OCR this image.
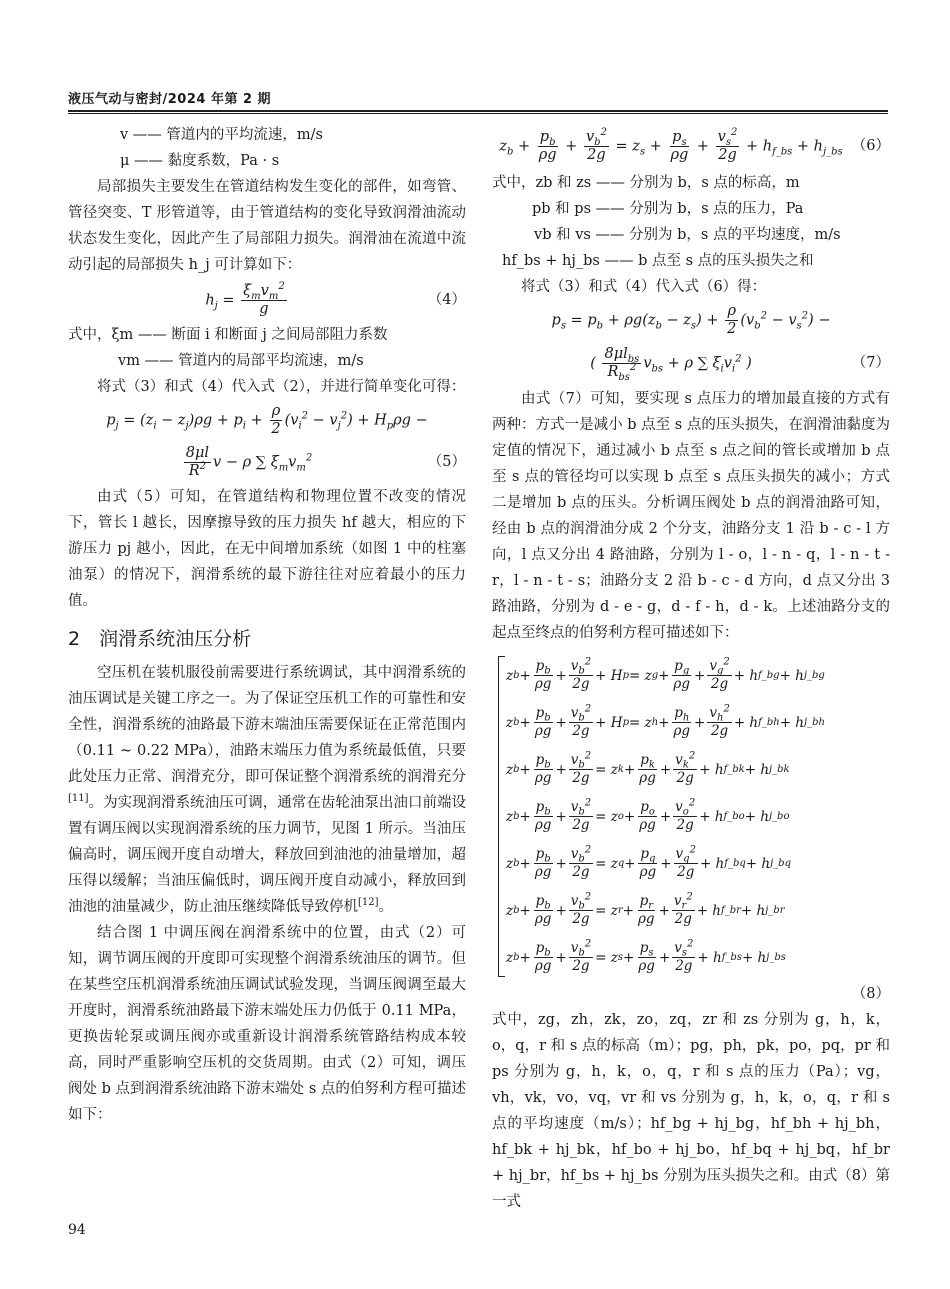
液压气动与密封/2024 年第 2 期

v —— 管道内的平均流速，m/s

μ —— 黏度系数，Pa · s

局部损失主要发生在管道结构发生变化的部件，如弯管、管径突变、T 形管道等，由于管道结构的变化导致润滑油流动状态发生变化，因此产生了局部阻力损失。润滑油在流道中流动引起的局部损失 h_j 可计算如下：

$h_j = \frac{\xi_mv_m^2}{g}$	（4）

式中，ξm —— 断面 i 和断面 j 之间局部阻力系数

vm —— 管道内的局部平均流速，m/s

将式（3）和式（4）代入式（2），并进行简单变化可得：

$p_j = (z_i - z_j)\rho g + p_i + \frac{\rho}{2} (v_i^2 - v_j^2) + H_p\rho g$ −
$\frac{8\mu l}{R^2}$ v − ρ ∑ $\xi_mv_m^2$	（5）

由式（5）可知，在管道结构和物理位置不改变的情况下，管长 l 越长，因摩擦导致的压力损失 hf 越大，相应的下游压力 pj 越小，因此，在无中间增加系统（如图 1 中的柱塞油泵）的情况下，润滑系统的最下游往往对应着最小的压力值。

2　润滑系统油压分析

空压机在装机服役前需要进行系统调试，其中润滑系统的油压调试是关键工序之一。为了保证空压机工作的可靠性和安全性，润滑系统的油路最下游末端油压需要保证在正常范围内（0.11 ~ 0.22 MPa），油路末端压力值为系统最低值，只要此处压力正常、润滑充分，即可保证整个润滑系统的润滑充分[11]。为实现润滑系统油压可调，通常在齿轮油泵出油口前端设置有调压阀以实现润滑系统的压力调节，见图 1 所示。当油压偏高时，调压阀开度自动增大，释放回到油池的油量增加，超压得以缓解；当油压偏低时，调压阀开度自动减小，释放回到油池的油量减少，防止油压继续降低导致停机[12]。

结合图 1 中调压阀在润滑系统中的位置，由式（2）可知，调节调压阀的开度即可实现整个润滑系统油压的调节。但在某些空压机润滑系统油压调试试验发现，当调压阀调至最大开度时，润滑系统油路最下游末端处压力仍低于 0.11 MPa，更换齿轮泵或调压阀亦或重新设计润滑系统管路结构成本较高，同时严重影响空压机的交货周期。由式（2）可知，调压阀处 b 点到润滑系统油路下游末端处 s 点的伯努利方程可描述如下：

$z_b + \frac{p_b}{\rho g} + \frac{v_b^2}{2g} = z_s + \frac{p_s}{\rho g} + \frac{v_s^2}{2g} + h_{f\_bs} + h_{j\_bs}$ （6）

式中，zb 和 zs —— 分别为 b，s 点的标高，m

pb 和 ps —— 分别为 b，s 点的压力，Pa

vb 和 vs —— 分别为 b，s 点的平均速度，m/s

hf_bs + hj_bs —— b 点至 s 点的压头损失之和

将式（3）和式（4）代入式（6）得：

$p_s = p_b + \rho g(z_b - z_s) + \frac{\rho}{2} (v_b^2 - v_s^2)$ −
( $\frac{8\mu l_{bs}}{R_{bs}^2} v_{bs} + \rho$ ∑ $\xi_iv_i^2$ )	（7）

由式（7）可知，要实现 s 点压力的增加最直接的方式有两种：方式一是减小 b 点至 s 点的压头损失，在润滑油黏度为定值的情况下，通过减小 b 点至 s 点之间的管长或增加 b 点至 s 点的管径均可以实现 b 点至 s 点压头损失的减小；方式二是增加 b 点的压头。分析调压阀处 b 点的润滑油路可知，经由 b 点的润滑油分成 2 个分支，油路分支 1 沿 b - c - l 方向，l 点又分出 4 路油路，分别为 l - o，l - n - q，l - n - t - r，l - n - t - s；油路分支 2 沿 b - c - d 方向，d 点又分出 3 路油路，分别为 d - e - g，d - f - h，d - k。上述油路分支的起点至终点的伯努利方程可描述如下：

z $b + \frac{p_b}{\rho g} + \frac{v_b^2}{2g} + H$ p = z $g + \frac{p_g}{\rho g} + \frac{v_g^2}{2g} + h$ f_bg + h j_bg
z $b + \frac{p_b}{\rho g} + \frac{v_b^2}{2g} + H$ p = z $h + \frac{p_h}{\rho g} + \frac{v_h^2}{2g} + h$ f_bh + h j_bh
z $b + \frac{p_b}{\rho g} + \frac{v_b^2}{2g} = z$ $k + \frac{p_k}{\rho g} + \frac{v_k^2}{2g} + h$ f_bk + h j_bk
z $b + \frac{p_b}{\rho g} + \frac{v_b^2}{2g} = z$ $o + \frac{p_o}{\rho g} + \frac{v_o^2}{2g} + h$ f_bo + h j_bo
z $b + \frac{p_b}{\rho g} + \frac{v_b^2}{2g} = z$ $q + \frac{p_q}{\rho g} + \frac{v_q^2}{2g} + h$ f_bq + h j_bq
z $b + \frac{p_b}{\rho g} + \frac{v_b^2}{2g} = z$ $r + \frac{p_r}{\rho g} + \frac{v_r^2}{2g} + h$ f_br + h j_br
z $b + \frac{p_b}{\rho g} + \frac{v_b^2}{2g} = z$ $s + \frac{p_s}{\rho g} + \frac{v_s^2}{2g} + h$ f_bs + h j_bs

（8）

式中，zg，zh，zk，zo，zq，zr 和 zs 分别为 g，h，k，o，q，r 和 s 点的标高（m）；pg，ph，pk，po，pq，pr 和 ps 分别为 g，h，k，o，q，r 和 s 点的压力（Pa）；vg，vh，vk，vo，vq，vr 和 vs 分别为 g，h，k，o，q，r 和 s 点的平均速度（m/s）；hf_bg + hj_bg，hf_bh + hj_bh，hf_bk + hj_bk，hf_bo + hj_bo，hf_bq + hj_bq，hf_br + hj_br，hf_bs + hj_bs 分别为压头损失之和。由式（8）第一式

94
